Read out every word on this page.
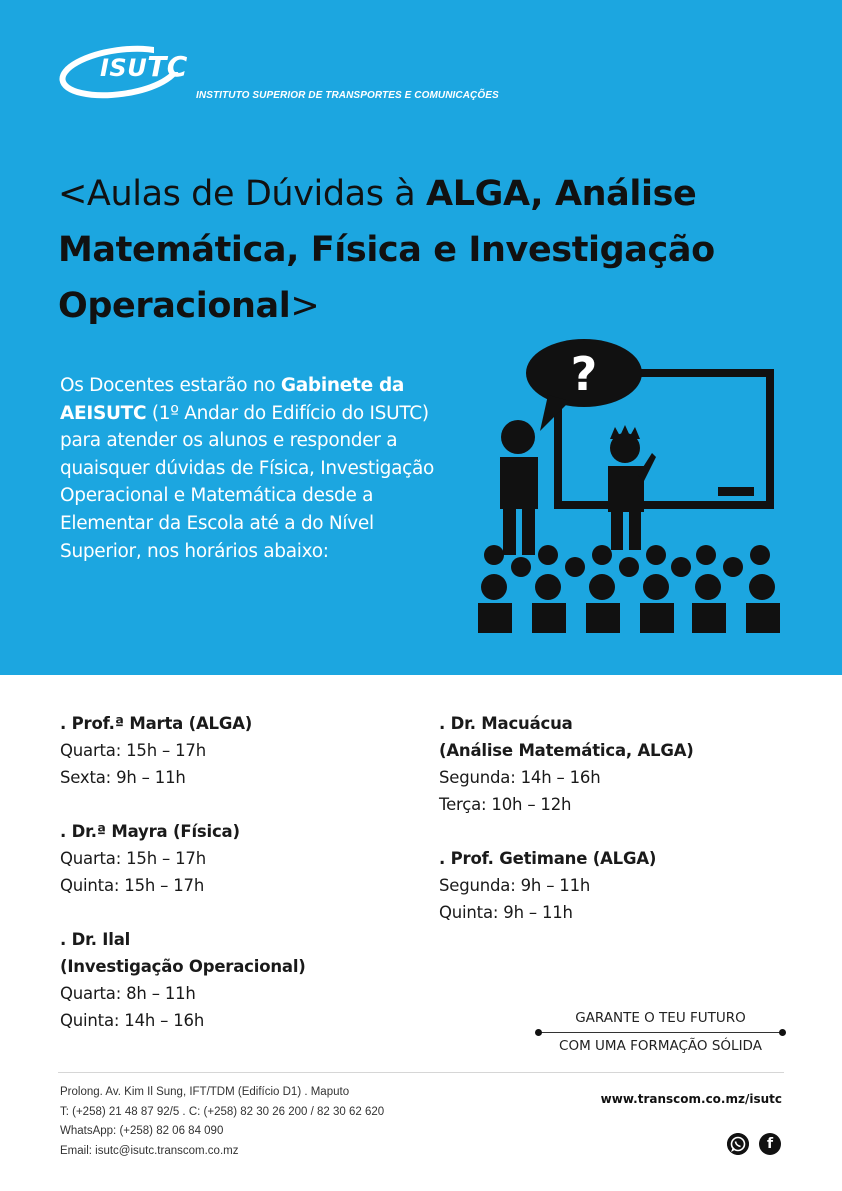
ISUTC
INSTITUTO SUPERIOR DE TRANSPORTES E COMUNICAÇÕES
<Aulas de Dúvidas à ALGA, Análise Matemática, Física e Investigação Operacional>
Os Docentes estarão no Gabinete da AEISUTC (1º Andar do Edifício do ISUTC) para atender os alunos e responder a quaisquer dúvidas de Física, Investigação Operacional e Matemática desde a Elementar da Escola até a do Nível Superior, nos horários abaixo:
?

. Prof.ª Marta (ALGA)

Quarta: 15h – 17h

Sexta: 9h – 11h

. Dr.ª Mayra (Física)

Quarta: 15h – 17h

Quinta: 15h – 17h

. Dr. Ilal

(Investigação Operacional)

Quarta: 8h – 11h

Quinta: 14h – 16h

. Dr. Macuácua

(Análise Matemática, ALGA)

Segunda: 14h – 16h

Terça: 10h – 12h

. Prof. Getimane (ALGA)

Segunda: 9h – 11h

Quinta: 9h – 11h

GARANTE O TEU FUTURO
COM UMA FORMAÇÃO SÓLIDA

Prolong. Av. Kim Il Sung, IFT/TDM (Edifício D1) . Maputo

T: (+258) 21 48 87 92/5 . C: (+258) 82 30 26 200 / 82 30 62 620

WhatsApp: (+258) 82 06 84 090

Email: isutc@isutc.transcom.co.mz

www.transcom.co.mz/isutc
f
